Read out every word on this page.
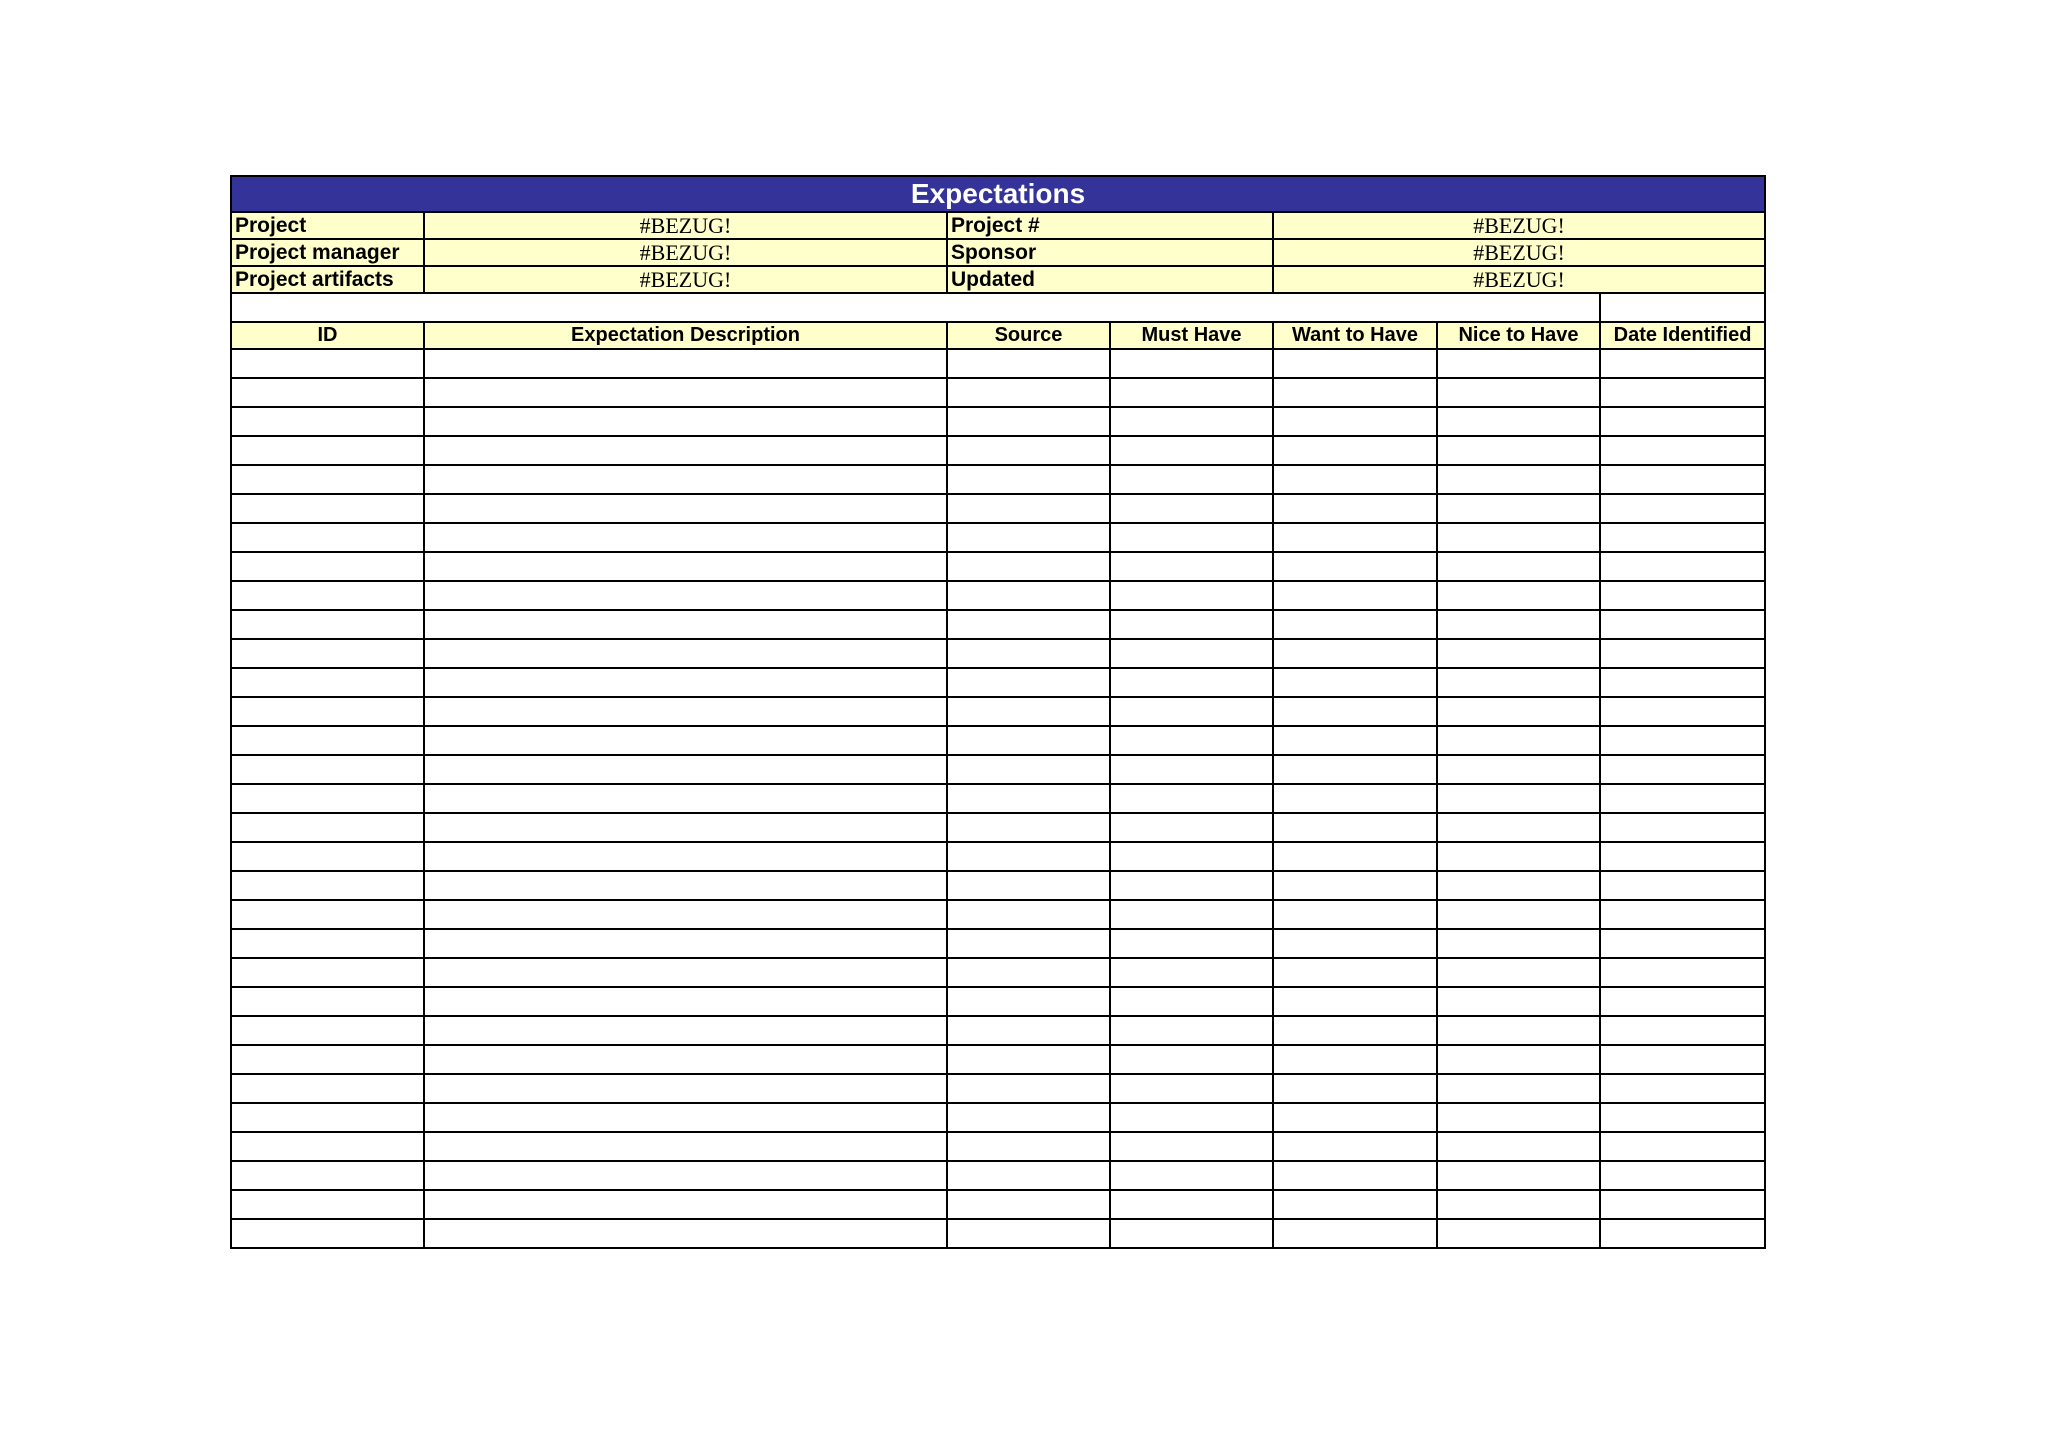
Expectations						
Project	#BEZUG!	Project #		#BEZUG!		
Project manager	#BEZUG!	Sponsor		#BEZUG!		
Project artifacts	#BEZUG!	Updated		#BEZUG!		

ID	Expectation Description	Source	Must Have	Want to Have	Nice to Have	Date Identified
